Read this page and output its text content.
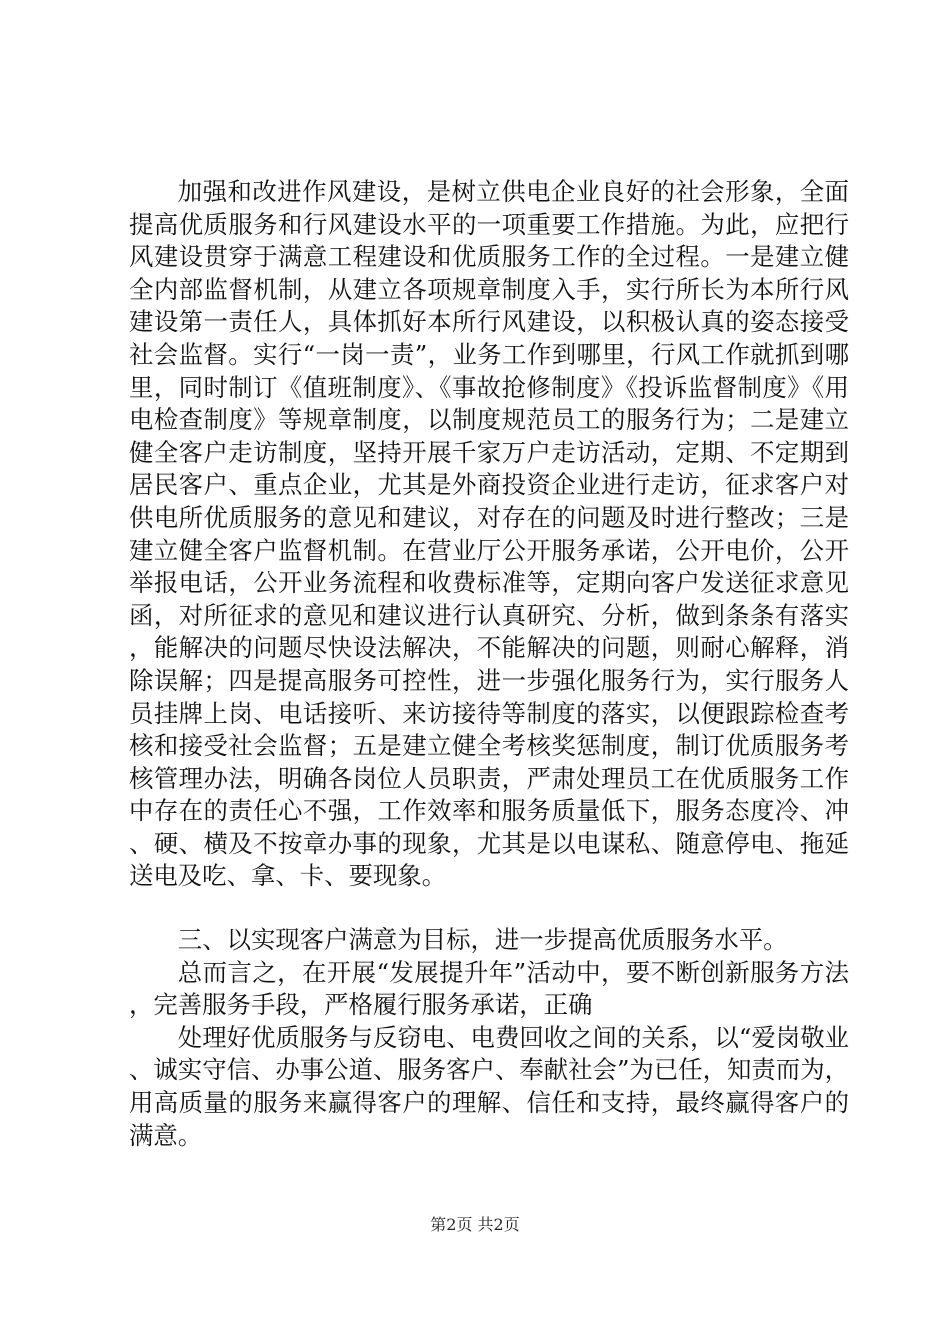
加强和改进作风建设，是树立供电企业良好的社会形象，全面提高优质服务和行风建设水平的一项重要工作措施。为此，应把行风建设贯穿于满意工程建设和优质服务工作的全过程。一是建立健全内部监督机制，从建立各项规章制度入手，实行所长为本所行风建设第一责任人，具体抓好本所行风建设，以积极认真的姿态接受社会监督。实行“一岗一责”，业务工作到哪里，行风工作就抓到哪里，同时制订《值班制度》、《事故抢修制度》《投诉监督制度》《用电检查制度》等规章制度，以制度规范员工的服务行为；二是建立健全客户走访制度，坚持开展千家万户走访活动，定期、不定期到居民客户、重点企业，尤其是外商投资企业进行走访，征求客户对供电所优质服务的意见和建议，对存在的问题及时进行整改；三是建立健全客户监督机制。在营业厅公开服务承诺，公开电价，公开举报电话，公开业务流程和收费标准等，定期向客户发送征求意见函，对所征求的意见和建议进行认真研究、分析，做到条条有落实，能解决的问题尽快设法解决，不能解决的问题，则耐心解释，消除误解；四是提高服务可控性，进一步强化服务行为，实行服务人员挂牌上岗、电话接听、来访接待等制度的落实，以便跟踪检查考核和接受社会监督；五是建立健全考核奖惩制度，制订优质服务考核管理办法，明确各岗位人员职责，严肃处理员工在优质服务工作中存在的责任心不强，工作效率和服务质量低下，服务态度冷、冲、硬、横及不按章办事的现象，尤其是以电谋私、随意停电、拖延送电及吃、拿、卡、要现象。

三、以实现客户满意为目标，进一步提高优质服务水平。

总而言之，在开展“发展提升年”活动中，要不断创新服务方法，完善服务手段，严格履行服务承诺，正确

处理好优质服务与反窃电、电费回收之间的关系，以“爱岗敬业、诚实守信、办事公道、服务客户、奉献社会”为已任，知责而为，用高质量的服务来赢得客户的理解、信任和支持，最终赢得客户的满意。

第2页 共2页
